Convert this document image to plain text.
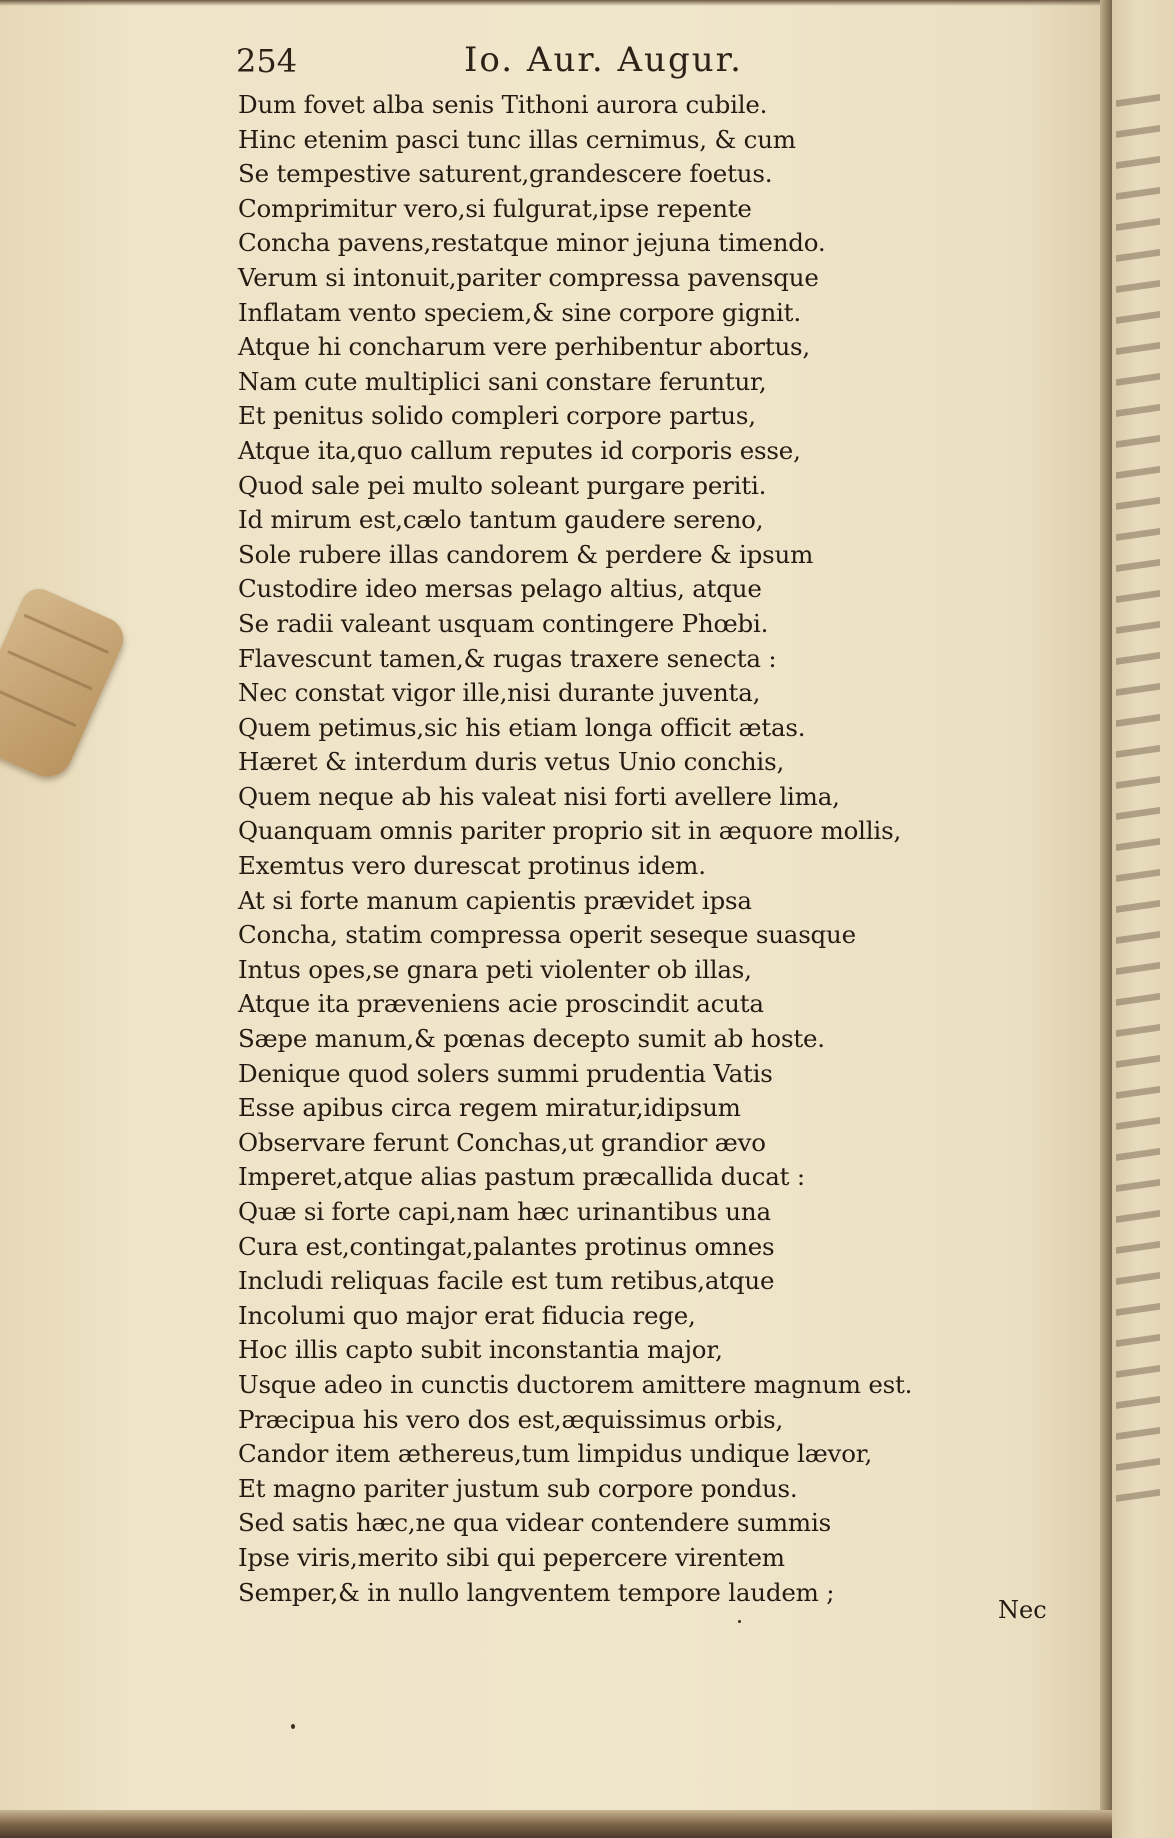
254	Io. Aur. Augur.
Dum fovet alba senis Tithoni aurora cubile.
Hinc etenim pasci tunc illas cernimus, & cum
Se tempestive saturent,grandescere foetus.
Comprimitur vero,si fulgurat,ipse repente
Concha pavens,restatque minor jejuna timendo.
Verum si intonuit,pariter compressa pavensque
Inflatam vento speciem,& sine corpore gignit.
Atque hi concharum vere perhibentur abortus,
Nam cute multiplici sani constare feruntur,
Et penitus solido compleri corpore partus,
Atque ita,quo callum reputes id corporis esse,
Quod sale pei multo soleant purgare periti.
Id mirum est,cælo tantum gaudere sereno,
Sole rubere illas candorem & perdere & ipsum
Custodire ideo mersas pelago altius, atque
Se radii valeant usquam contingere Phœbi.
Flavescunt tamen,& rugas traxere senecta :
Nec constat vigor ille,nisi durante juventa,
Quem petimus,sic his etiam longa officit ætas.
Hæret & interdum duris vetus Unio conchis,
Quem neque ab his valeat nisi forti avellere lima,
Quanquam omnis pariter proprio sit in æquore mollis,
Exemtus vero durescat protinus idem.
At si forte manum capientis prævidet ipsa
Concha, statim compressa operit seseque suasque
Intus opes,se gnara peti violenter ob illas,
Atque ita præveniens acie proscindit acuta
Sæpe manum,& pœnas decepto sumit ab hoste.
Denique quod solers summi prudentia Vatis
Esse apibus circa regem miratur,idipsum
Observare ferunt Conchas,ut grandior ævo
Imperet,atque alias pastum præcallida ducat :
Quæ si forte capi,nam hæc urinantibus una
Cura est,contingat,palantes protinus omnes
Includi reliquas facile est tum retibus,atque
Incolumi quo major erat fiducia rege,
Hoc illis capto subit inconstantia major,
Usque adeo in cunctis ductorem amittere magnum est.
Præcipua his vero dos est,æquissimus orbis,
Candor item æthereus,tum limpidus undique lævor,
Et magno pariter justum sub corpore pondus.
Sed satis hæc,ne qua videar contendere summis
Ipse viris,merito sibi qui pepercere virentem
Semper,& in nullo langventem tempore laudem ;
Nec
▬▬
▬▬
▬▬
▬▬
▬▬
▬▬
▬▬
▬▬
▬▬
▬▬
▬▬
▬▬
▬▬
▬▬
▬▬
▬▬
▬▬
▬▬
▬▬
▬▬
▬▬
▬▬
▬▬
▬▬
▬▬
▬▬
▬▬
▬▬
▬▬
▬▬
▬▬
▬▬
▬▬
▬▬
▬▬
▬▬
▬▬
▬▬
▬▬
▬▬
▬▬
▬▬
▬▬
▬▬
▬▬
▬▬
